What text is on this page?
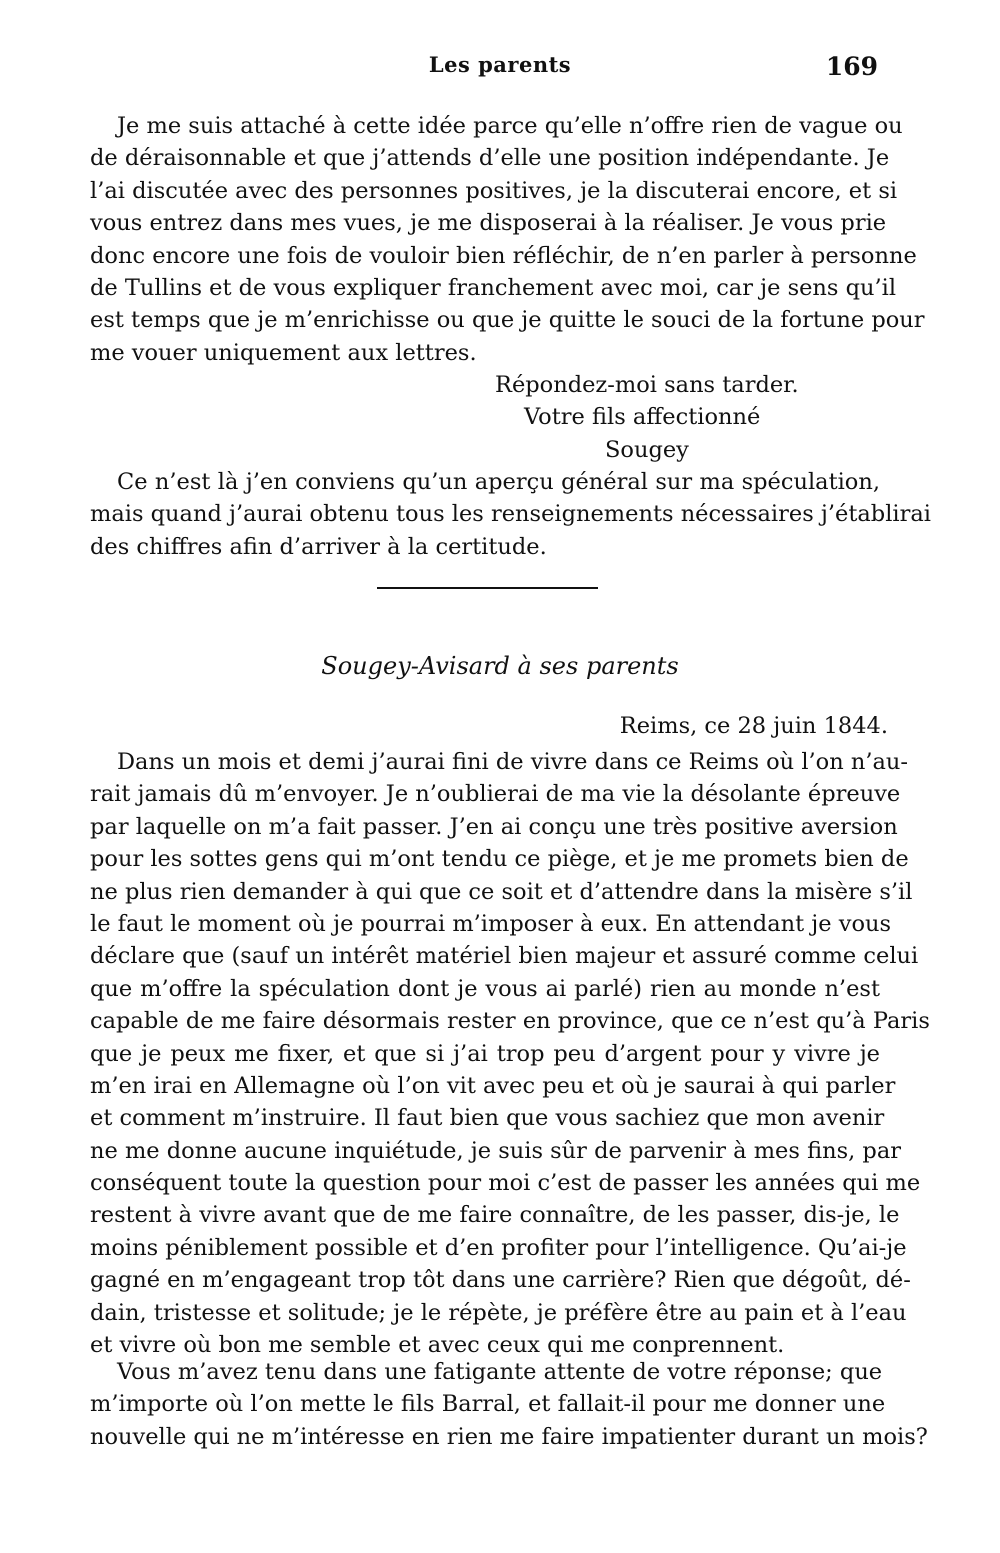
Les parents	169
Je me suis attaché à cette idée parce qu’elle n’offre rien de vague ou
de déraisonnable et que j’attends d’elle une position indépendante. Je
l’ai discutée avec des personnes positives, je la discuterai encore, et si
vous entrez dans mes vues, je me disposerai à la réaliser. Je vous prie
donc encore une fois de vouloir bien réfléchir, de n’en parler à personne
de Tullins et de vous expliquer franchement avec moi, car je sens qu’il
est temps que je m’enrichisse ou que je quitte le souci de la fortune pour
me vouer uniquement aux lettres.
Répondez-moi sans tarder.
Votre fils affectionné
Sougey
Ce n’est là j’en conviens qu’un aperçu général sur ma spéculation,
mais quand j’aurai obtenu tous les renseignements nécessaires j’établirai
des chiffres afin d’arriver à la certitude.
Sougey-Avisard à ses parents
Reims, ce 28 juin 1844.
Dans un mois et demi j’aurai fini de vivre dans ce Reims où l’on n’au-
rait jamais dû m’envoyer. Je n’oublierai de ma vie la désolante épreuve
par laquelle on m’a fait passer. J’en ai conçu une très positive aversion
pour les sottes gens qui m’ont tendu ce piège, et je me promets bien de
ne plus rien demander à qui que ce soit et d’attendre dans la misère s’il
le faut le moment où je pourrai m’imposer à eux. En attendant je vous
déclare que (sauf un intérêt matériel bien majeur et assuré comme celui
que m’offre la spéculation dont je vous ai parlé) rien au monde n’est
capable de me faire désormais rester en province, que ce n’est qu’à Paris
que je peux me fixer, et que si j’ai trop peu d’argent pour y vivre je
m’en irai en Allemagne où l’on vit avec peu et où je saurai à qui parler
et comment m’instruire. Il faut bien que vous sachiez que mon avenir
ne me donne aucune inquiétude, je suis sûr de parvenir à mes fins, par
conséquent toute la question pour moi c’est de passer les années qui me
restent à vivre avant que de me faire connaître, de les passer, dis-je, le
moins péniblement possible et d’en profiter pour l’intelligence. Qu’ai-je
gagné en m’engageant trop tôt dans une carrière? Rien que dégoût, dé-
dain, tristesse et solitude; je le répète, je préfère être au pain et à l’eau
et vivre où bon me semble et avec ceux qui me conprennent.
Vous m’avez tenu dans une fatigante attente de votre réponse; que
m’importe où l’on mette le fils Barral, et fallait-il pour me donner une
nouvelle qui ne m’intéresse en rien me faire impatienter durant un mois?
